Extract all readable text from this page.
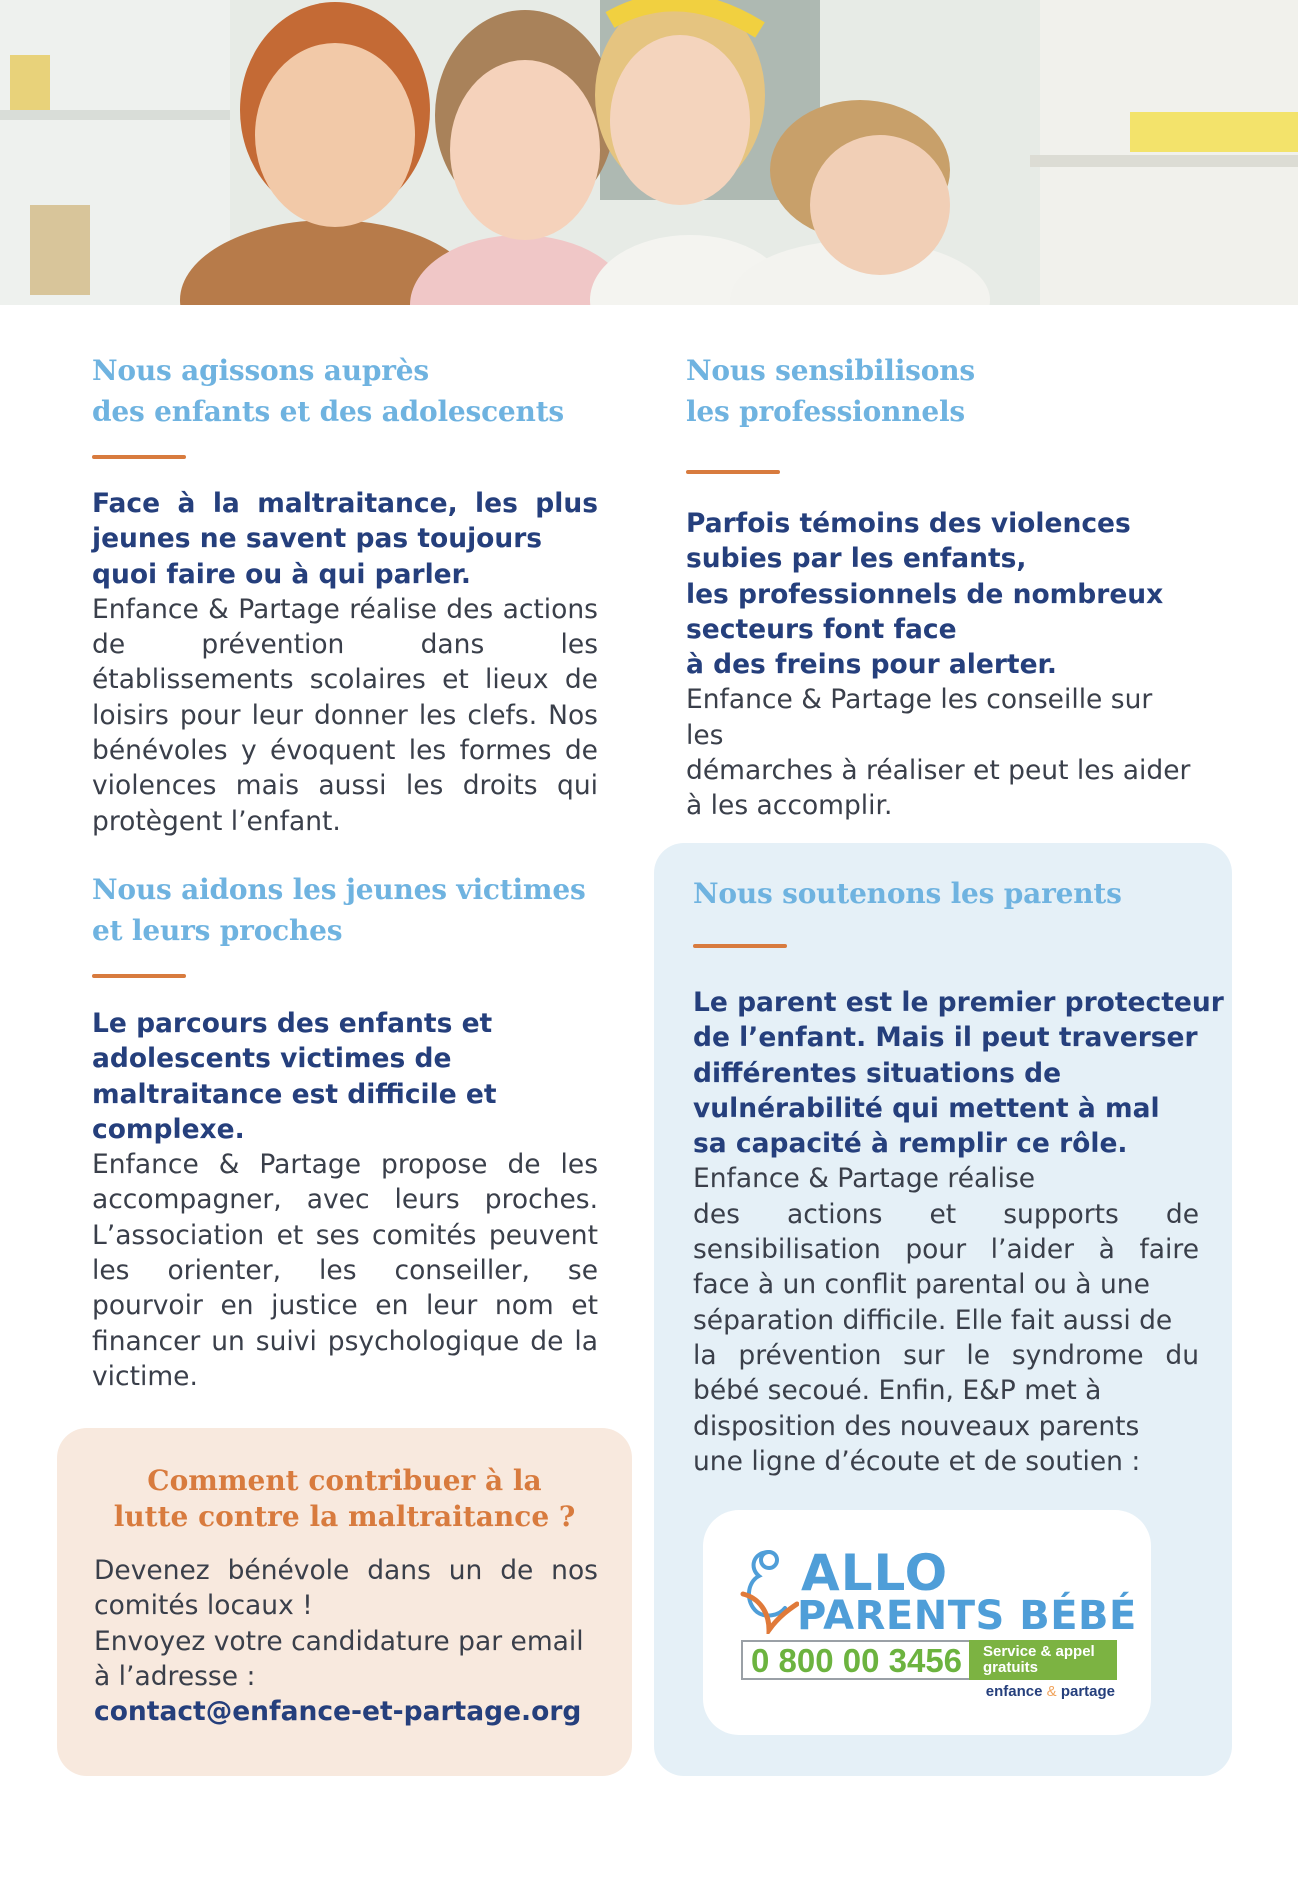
Nous agissons auprès
des enfants et des adolescents
Face à la maltraitance, les plus
jeunes ne savent pas toujours
quoi faire ou à qui parler.
Enfance & Partage réalise des actions de prévention dans les établissements scolaires et lieux de loisirs pour leur donner les clefs. Nos bénévoles y évoquent les formes de violences mais aussi les droits qui protègent l’enfant.
Nous aidons les jeunes victimes
et leurs proches
Le parcours des enfants et
adolescents victimes de
maltraitance est difficile et
complexe.
Enfance & Partage propose de les accompagner, avec leurs proches. L’association et ses comités peuvent les orienter, les conseiller, se pourvoir en justice en leur nom et financer un suivi psychologique de la victime.
Nous sensibilisons
les professionnels
Parfois témoins des violences
subies par les enfants,
les professionnels de nombreux
secteurs font face
à des freins pour alerter.
Enfance & Partage les conseille sur les
démarches à réaliser et peut les aider
à les accomplir.
Nous soutenons les parents
Le parent est le premier protecteur
de l’enfant. Mais il peut traverser
différentes situations de
vulnérabilité qui mettent à mal
sa capacité à remplir ce rôle.
Enfance & Partage réalise
des actions et supports de sensibilisation pour l’aider à faire face à un conflit parental ou à une
séparation difficile. Elle fait aussi de
la prévention sur le syndrome du bébé secoué. Enfin, E&P met à
disposition des nouveaux parents
une ligne d’écoute et de soutien :
ALLO
PARENTS BÉBÉ
0 800 00 3456 Service & appel
gratuits
enfance & partage
Comment contribuer à la
lutte contre la maltraitance ?
Devenez bénévole dans un de nos comités locaux !
Envoyez votre candidature par email
à l’adresse :
contact@enfance-et-partage.org
